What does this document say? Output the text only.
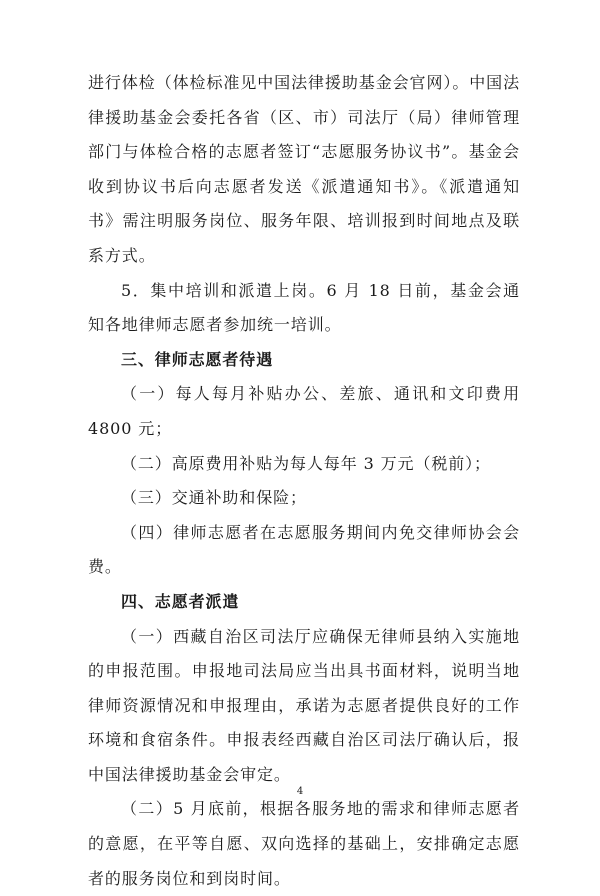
进行体检（体检标准见中国法律援助基金会官网）。中国法律援助基金会委托各省（区、市）司法厅（局）律师管理部门与体检合格的志愿者签订“志愿服务协议书”。基金会收到协议书后向志愿者发送《派遣通知书》。《派遣通知书》需注明服务岗位、服务年限、培训报到时间地点及联系方式。

5．集中培训和派遣上岗。6 月 18 日前，基金会通知各地律师志愿者参加统一培训。

三、律师志愿者待遇

（一）每人每月补贴办公、差旅、通讯和文印费用 4800 元；

（二）高原费用补贴为每人每年 3 万元（税前）；

（三）交通补助和保险；

（四）律师志愿者在志愿服务期间内免交律师协会会费。

四、志愿者派遣

（一）西藏自治区司法厅应确保无律师县纳入实施地的申报范围。申报地司法局应当出具书面材料，说明当地律师资源情况和申报理由，承诺为志愿者提供良好的工作环境和食宿条件。申报表经西藏自治区司法厅确认后，报中国法律援助基金会审定。

（二）5 月底前，根据各服务地的需求和律师志愿者的意愿，在平等自愿、双向选择的基础上，安排确定志愿者的服务岗位和到岗时间。

4
